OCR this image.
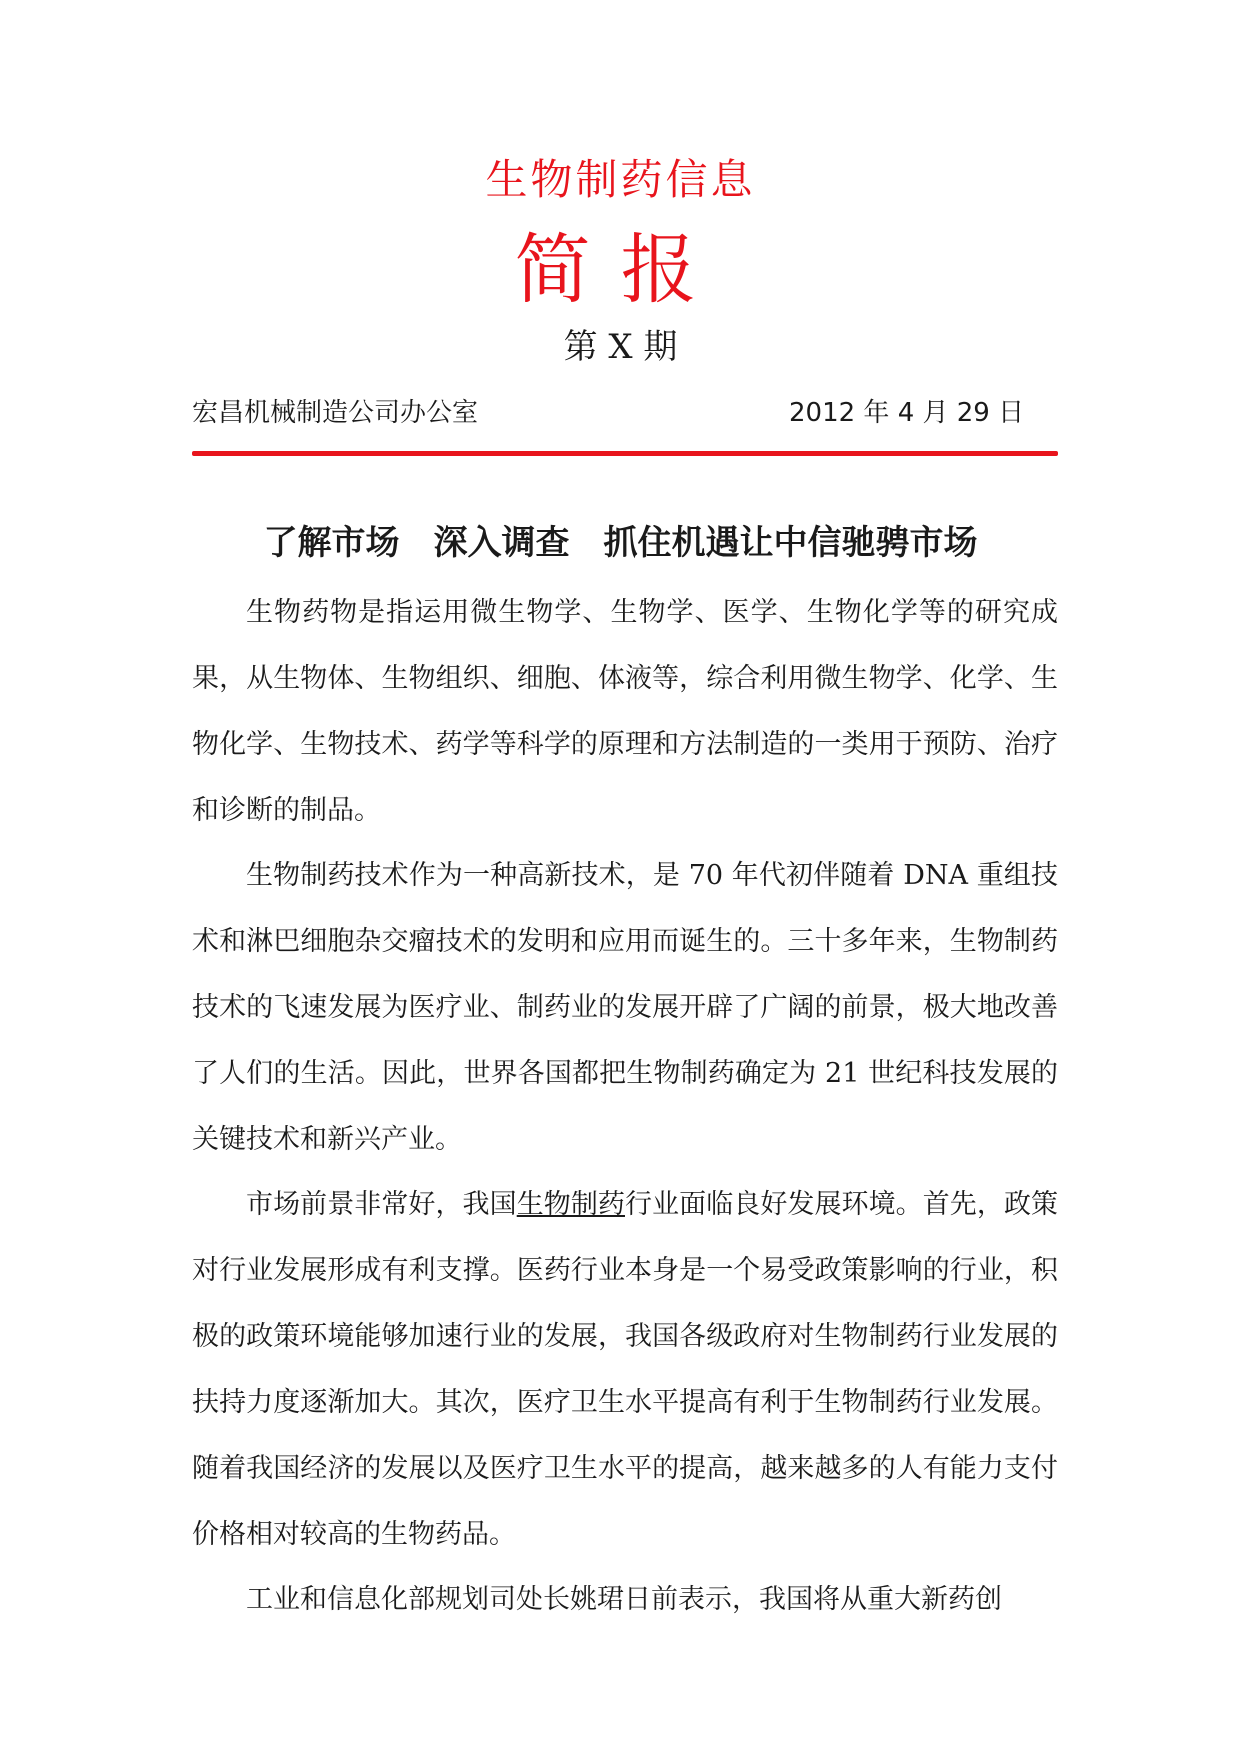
生物制药信息
简报
第 X 期
宏昌机械制造公司办公室	2012 年 4 月 29 日
了解市场　深入调查　抓住机遇让中信驰骋市场

生物药物是指运用微生物学、生物学、医学、生物化学等的研究成果，从生物体、生物组织、细胞、体液等，综合利用微生物学、化学、生物化学、生物技术、药学等科学的原理和方法制造的一类用于预防、治疗和诊断的制品。

生物制药技术作为一种高新技术，是 70 年代初伴随着 DNA 重组技术和淋巴细胞杂交瘤技术的发明和应用而诞生的。三十多年来，生物制药技术的飞速发展为医疗业、制药业的发展开辟了广阔的前景，极大地改善了人们的生活。因此，世界各国都把生物制药确定为 21 世纪科技发展的关键技术和新兴产业。

市场前景非常好，我国生物制药行业面临良好发展环境。首先，政策对行业发展形成有利支撑。医药行业本身是一个易受政策影响的行业，积极的政策环境能够加速行业的发展，我国各级政府对生物制药行业发展的扶持力度逐渐加大。其次，医疗卫生水平提高有利于生物制药行业发展。随着我国经济的发展以及医疗卫生水平的提高，越来越多的人有能力支付价格相对较高的生物药品。

工业和信息化部规划司处长姚珺日前表示，我国将从重大新药创
